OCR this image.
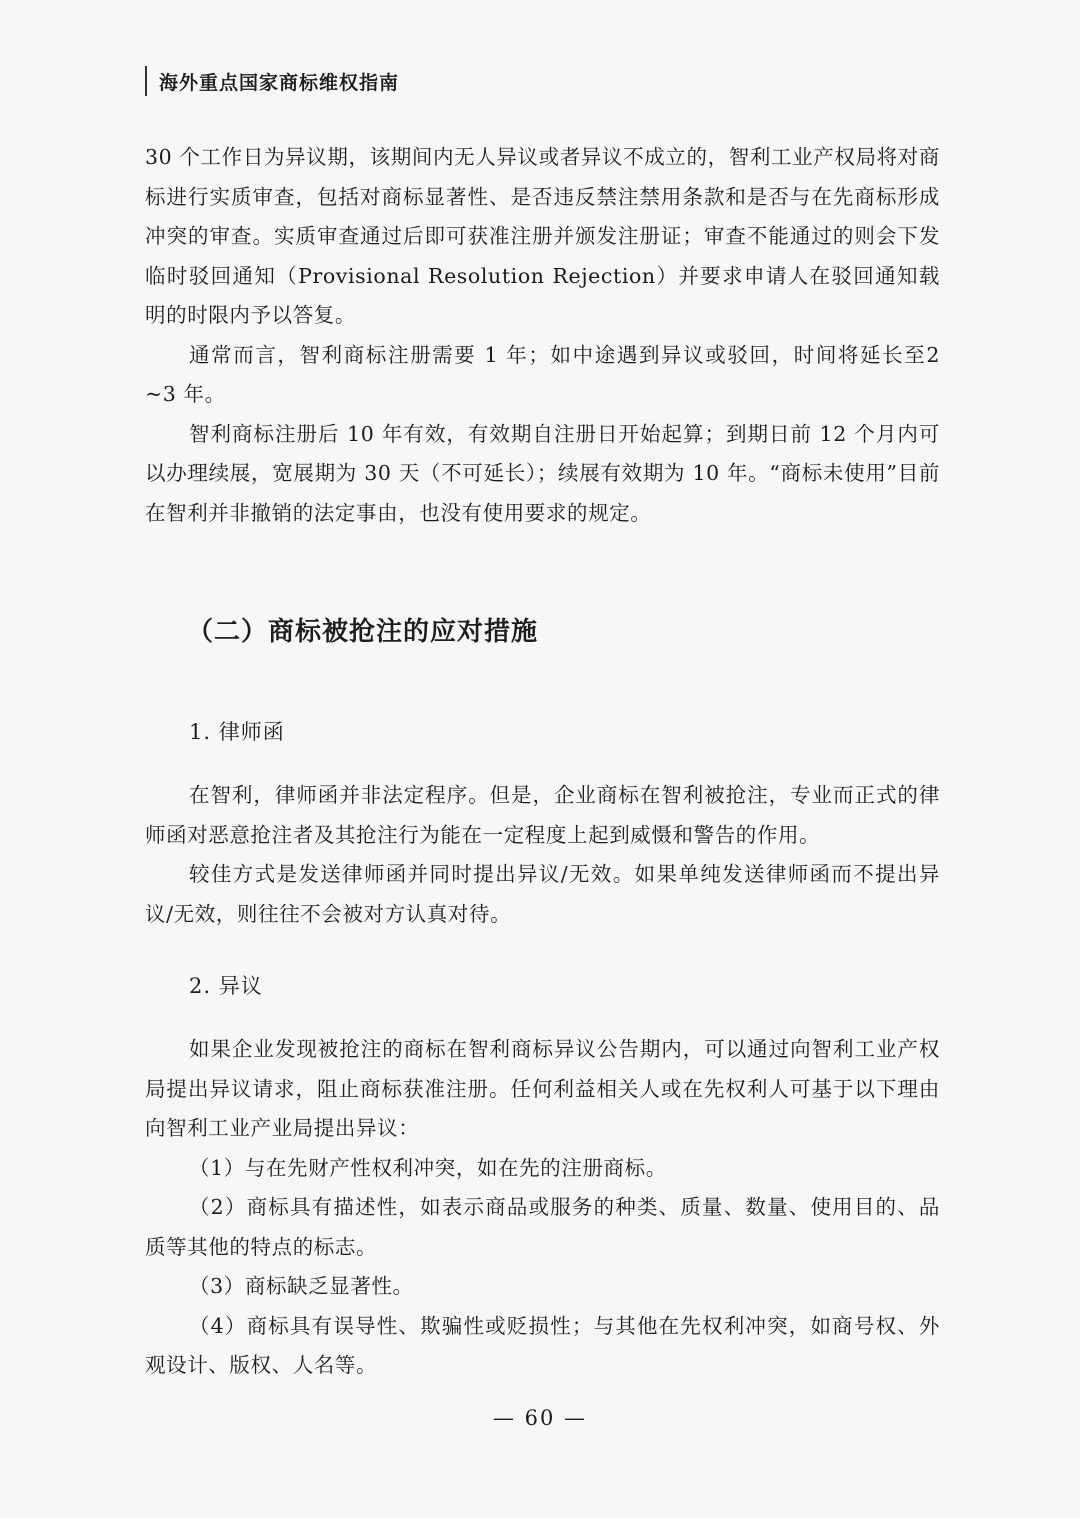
海外重点国家商标维权指南

30 个工作日为异议期，该期间内无人异议或者异议不成立的，智利工业产权局将对商标进行实质审查，包括对商标显著性、是否违反禁注禁用条款和是否与在先商标形成冲突的审查。实质审查通过后即可获准注册并颁发注册证；审查不能通过的则会下发临时驳回通知（Provisional Resolution Rejection）并要求申请人在驳回通知载明的时限内予以答复。

通常而言，智利商标注册需要 1 年；如中途遇到异议或驳回，时间将延长至2 ~3 年。

智利商标注册后 10 年有效，有效期自注册日开始起算；到期日前 12 个月内可以办理续展，宽展期为 30 天（不可延长）；续展有效期为 10 年。“商标未使用”目前在智利并非撤销的法定事由，也没有使用要求的规定。

（二）商标被抢注的应对措施
1. 律师函

在智利，律师函并非法定程序。但是，企业商标在智利被抢注，专业而正式的律师函对恶意抢注者及其抢注行为能在一定程度上起到威慑和警告的作用。

较佳方式是发送律师函并同时提出异议/无效。如果单纯发送律师函而不提出异议/无效，则往往不会被对方认真对待。

2. 异议

如果企业发现被抢注的商标在智利商标异议公告期内，可以通过向智利工业产权局提出异议请求，阻止商标获准注册。任何利益相关人或在先权利人可基于以下理由向智利工业产业局提出异议：

（1）与在先财产性权利冲突，如在先的注册商标。

（2）商标具有描述性，如表示商品或服务的种类、质量、数量、使用目的、品质等其他的特点的标志。

（3）商标缺乏显著性。

（4）商标具有误导性、欺骗性或贬损性；与其他在先权利冲突，如商号权、外观设计、版权、人名等。

— 60 —
